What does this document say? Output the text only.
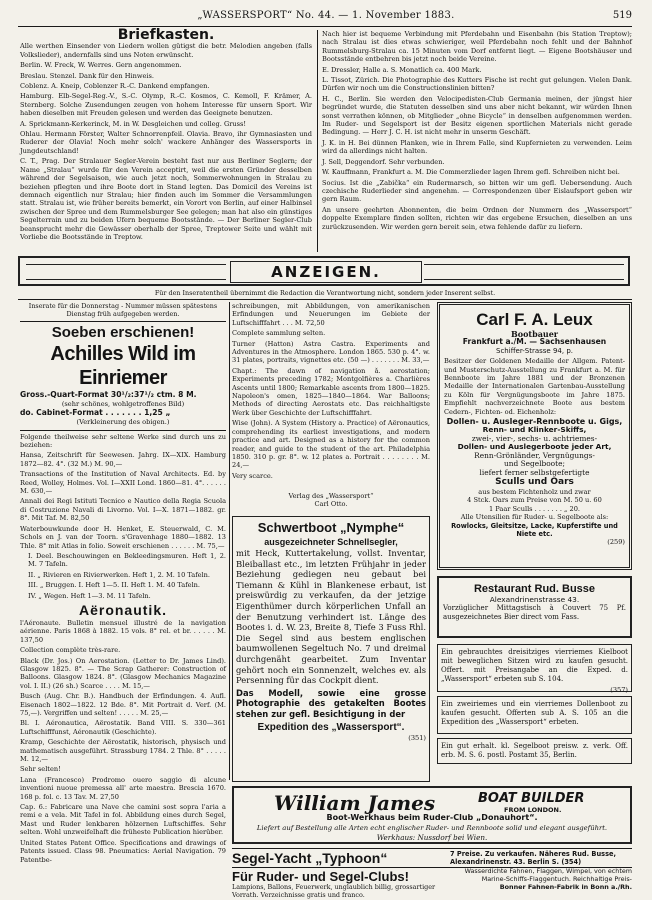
„WASSERSPORT“ No. 44. — 1. November 1883.	519
Briefkasten.

Alle werthen Einsender von Liedern wollen gütigst die betr. Melodien angeben (falls Volkslieder), andernfalls sind uns Noten erwünscht.

Berlin. W. Freck, W. Werres. Gern angenommen.

Breslau. Stenzel. Dank für den Hinweis.

Coblenz. A. Kneip, Coblenzer R.-C. Dankend empfangen.

Hamburg. Elb-Segel-Reg.-V., S.-C. Olymp, R.-C. Kosmos, C. Kemoll, F. Krämer, A. Sternberg. Solche Zusendungen zeugen von hohem Interesse für unsern Sport. Wir haben dieselben mit Freuden gelesen und werden das Geeignete benutzen.

A. Sprickmann-Kerkerinck, M. in W. Desgleichen und colleg. Gruss!

Ohlau. Hermann Förster, Walter Schnorrenpfeil. Olavia. Bravo, ihr Gymnasiasten und Ruderer der Olavia! Noch mehr solch' wackere Anhänger des Wassersports in Jungdeutschland!

C. T., Prag. Der Stralauer Segler-Verein besteht fast nur aus Berliner Seglern; der Name „Stralau“ wurde für den Verein acceptirt, weil die ersten Gründer desselben während der Segelsaison, wie auch jetzt noch, Sommerwohnungen in Stralau zu beziehen pflegten und ihre Boote dort in Stand legten. Das Domicil des Vereins ist demnach eigentlich nur Stralau; hier finden auch im Sommer die Versammlungen statt. Stralau ist, wie früher bereits bemerkt, ein Vorort von Berlin, auf einer Halbinsel zwischen der Spree und dem Rummelsburger See gelegen; man hat also ein günstiges Segelterrain und zu beiden Ufern bequeme Bootsstände. — Der Berliner Segler-Club beansprucht mehr die Gewässer oberhalb der Spree, Treptower Seite und wählt mit Vorliebe die Bootsstände in Treptow.

Nach hier ist bequeme Verbindung mit Pferdebahn und Eisenbahn (bis Station Treptow); nach Stralau ist dies etwas schwieriger, weil Pferdebahn noch fehlt und der Bahnhof Rummelsburg-Stralau ca. 15 Minuten vom Dorf entfernt liegt. — Eigene Bootshäuser und Bootsstände entbehren bis jetzt noch beide Vereine.

E. Dressler, Halle a. S. Monatlich ca. 400 Mark.

L. Tissot, Zürich. Die Photographie des Kutters Fische ist recht gut gelungen. Vielen Dank. Dürfen wir noch um die Constructionslinien bitten?

H. C., Berlin. Sie werden den Velocipedisten-Club Germania meinen, der jüngst hier begründet wurde, die Statuten desselben sind uns aber nicht bekannt, wir würden Ihnen sonst verrathen können, ob Mitglieder „ohne Bicycle“ in denselben aufgenommen werden. Im Ruder- und Segelsport ist der Besitz eigenen sportlichen Materials nicht gerade Bedingung. — Herr J. C. H. ist nicht mehr in unserm Geschäft.

J. K. in H. Bei dünnen Planken, wie in Ihrem Falle, sind Kupfernieten zu verwenden. Leim wird da allerdings nicht halten.

J. Sell, Deggendorf. Sehr verbunden.

W. Kauffmann, Frankfurt a. M. Die Commerzlieder lagen Ihrem gefl. Schreiben nicht bei.

Socius. Ist die „Zabička“ ein Rudermarsch, so bitten wir um gefl. Uebersendung. Auch czechische Ruderlieder sind angenehm. — Correspondenzen über Eislaufsport geben wir gern Raum.

An unsere geehrten Abonnenten, die beim Ordnen der Nummern des „Wassersport“ doppelte Exemplare finden sollten, richten wir das ergebene Ersuchen, dieselben an uns zurückzusenden. Wir werden gern bereit sein, etwa fehlende dafür zu liefern.

ANZEIGEN.
Für den Inseratentheil übernimmt die Redaction die Verantwortung nicht, sondern jeder Inserent selbst.
Inserate für die Donnerstag - Nummer müssen spätestens Dienstag früh aufgegeben werden.
Soeben erschienen!
Achilles Wild im Einriemer
Gross.-Quart-Format 30¹/₂:37¹/₂ ctm. 8 M.
(sehr schönes, wohlgetroffenes Bild)
do. Cabinet-Format . . . . . . . 1,25 „
(Verkleinerung des obigen.)

Folgende theilweise sehr seltene Werke sind durch uns zu beziehen:

Hansa, Zeitschrift für Seewesen. Jahrg. IX—XIX. Hamburg 1872—82. 4°. (32 M.) M. 90,—

Transactions of the Institution of Naval Architects. Ed. by Reed, Wolley, Holmes. Vol. I—XXII Lond. 1860—81. 4°. . . . . . M. 630,—

Annali dei Regi Istituti Tecnico e Nautico della Regia Scuola di Costruzione Navali di Livorno. Vol. I—X. 1871—1882. gr. 8°. Mit Taf. M. 82,50

Waterbouwkunde door H. Henket, E. Steuerwald, C. M. Schols en J. van der Toorn. s'Gravenhage 1880—1882. 13 Thle. 8° mit Atlas in folio. Soweit erschienen . . . . . . M. 75,—

I. Deel. Beschouwingen en Bekleedingsmuren. Heft 1, 2. M. 7 Tafeln.

II. „ Rivieren en Rivierwerken. Heft 1, 2. M. 10 Tafeln.

III. „ Bruggen. I. Heft 1—5. II. Heft 1. M. 40 Tafeln.

IV. „ Wegen. Heft 1—3. M. 11 Tafeln.

Aëronautik.

l'Aéronaute. Bulletin mensuel illustré de la navigation aérienne. Paris 1868 à 1882. 15 vols. 8° rel. et br. . . . . . M. 137,50

Collection complète très-rare.

Black (Dr. Jos.) On Aerostation. (Letter to Dr. James Lind). Glasgow 1825. 8°. — The Scrap Gatherer: Construction of Balloons. Glasgow 1824. 8°. (Glasgow Mechanics Magazine vol. I. II.) (26 sh.) Scarce . . . . M. 15,—

Busch (Aug. Chr. B.). Handbuch der Erfindungen. 4. Aufl. Eisenach 1802—1822. 12 Bde. 8°. Mit Portrait d. Verf. (M. 75,—). Vergriffen und selten! . . . . . M. 25,—

Bl. I. Aéronautica, Aërostatik. Band VIII. S. 330—361 Luftschifffunst, Aéronautik (Geschichte).

Kramp, Geschichte der Aërostatik, historisch, physisch und mathematisch ausgeführt. Strassburg 1784. 2 Thle. 8° . . . . . M. 12,—

Sehr selten!

Lana (Francesco) Prodromo ouero saggio di alcune inventioni nuoue premessa all' arte maestra. Brescia 1670. 168 p. fol. c. 13 Tav. M. 27,50

Cap. 6.: Fabricare una Nave che camini sost sopra l'aria a remi e a vela. Mit Tafel in fol. Abbildung eines durch Segel, Mast und Ruder lenkbaren hölzernen Luftschiffes. Sehr selten. Wohl unzweifelhaft die früheste Publication hierüber.

United States Patent Office. Specifications and drawings of Patents issued. Class 98. Pneumatics: Aerial Navigation. 79 Patentbe-

schreibungen, mit Abbildungen, von amerikanischen Erfindungen und Neuerungen im Gebiete der Luftschifffahrt . . . M. 72,50

Complete sammlung selten.

Turner (Hatton) Astra Castra. Experiments and Adventures in the Atmosphere. London 1865. 530 p. 4°. w. 31 plates, portraits, vignettes etc. (50 —) . . . . . . . M. 33,—

Chapt.: The dawn of navigation ǎ. aerostation; Experiments preceding 1782; Montgolfières a. Charlières Ascents until 1800; Remarkable ascents from 1800—1825. Napoleon's omen, 1825—1840—1864. War Balloons; Methods of directing Aerostats etc. Das reichhaltigste Werk über Geschichte der Luftschifffahrt.

Wise (John). A System (History a. Practice) of Aëronautics, comprehending its earliest investigations, and modern practice and art. Designed as a history for the common reader, and guide to the student of the art. Philadelphia 1850. 310 p. gr. 8°. w. 12 plates a. Portrait . . . . . . . . M. 24,—

Very scarce.

Verlag des „Wassersport“
Carl Otto.
Schwertboot „Nymphe“
ausgezeichneter Schnellsegler,

mit Heck, Kuttertakelung, vollst. Inventar, Bleiballast etc., im letzten Frühjahr in jeder Beziehung gediegen neu gebaut bei Tiemann & Kühl in Blankenese erbaut, ist preiswürdig zu verkaufen, da der jetzige Eigenthümer durch körperlichen Unfall an der Benutzung verhindert ist. Länge des Bootes i. d. W. 23, Breite 8, Tiefe 3 Fuss Rhl. Die Segel sind aus bestem englischen baumwollenen Segeltuch No. 7 und dreimal durchgenäht gearbeitet. Zum Inventar gehört noch ein Sonnenzelt, welches ev. als Persenning für das Cockpit dient.

Das Modell, sowie eine grosse Photographie des getakelten Bootes stehen zur gefl. Besichtigung in der

Expedition des „Wassersport“.
(351)
Carl F. A. Leux
Bootbauer
Frankfurt a./M. — Sachsenhausen
Schiffer-Strasse 94, p.

Besitzer der Goldenen Medaille der Allgem. Patent- und Musterschutz-Ausstellung zu Frankfurt a. M. für Bennboote im Jahre 1881 und der Bronzenen Medaille der Internationalen Gartenbau-Ausstellung zu Köln für Vergnügungsboote im Jahre 1875. Empfiehlt nachverzeichnete Boote aus bestem Cedern-, Fichten- od. Eichenholz:

Dollen- u. Ausleger-Rennboote u. Gigs,
Renn- und Klinker-Skiffs,
zwei-, vier-, sechs- u. achtriemes-
Dollen- und Auslegerboote jeder Art,
Renn-Grönländer, Vergnügungs-
und Segelboote;
liefert ferner selbstgefertigte
Sculls und Oars
aus bestem Fichtenholz und zwar
4 Stck. Oars zum Preise von M. 50 u. 60
1 Paar Sculls . . . . . . . „ 20.
Alle Utensilien für Ruder- u. Segelboote als:
Rowlocks, Gleitsitze, Lacke, Kupferstifte und Niete etc.
(259)
Restaurant Rud. Busse
Alexandrinenstrasse 43.

Vorzüglicher Mittagstisch à Couvert 75 Pf. ausgezeichnetes Bier direct vom Fass.

Ein gebrauchtes dreisitziges vierriemes Kielboot mit beweglichen Sitzen wird zu kaufen gesucht. Offert. mit Preisangabe an die Exped. d. „Wassersport“ erbeten sub S. 104.

(357)

Ein zweiriemes und ein vierriemes Dollenboot zu kaufen gesucht. Offerten sub A. S. 105 an die Expedition des „Wassersport“ erbeten.

Ein gut erhalt. kl. Segelboot preisw. z. verk. Off. erb. M. S. 6. postl. Postamt 35, Berlin.

William James	BOAT BUILDER
FROM LONDON.
Boot-Werkhaus beim Ruder-Club „Donauhort“.
Liefert auf Bestellung alle Arten echt englischer Ruder- und Rennboote solid und elegant ausgeführt.
Werkhaus: Nussdorf bei Wien.
Segel-Yacht „Typhoon“	7 Preise. Zu verkaufen. Näheres Rud. Busse, Alexandrinenstr. 43. Berlin S. (354)
Für Ruder- und Segel-Clubs!
Lampions, Ballons, Feuerwerk, unglaublich billig, grossartiger Vorrath. Verzeichnisse gratis und franco.
Wasserdichte Fahnen, Flaggen, Wimpel, von echtem Marine-Schiffs-Flaggentuch. Reichhaltige Preis-
Bonner Fahnen-Fabrik in Bonn a./Rh.
